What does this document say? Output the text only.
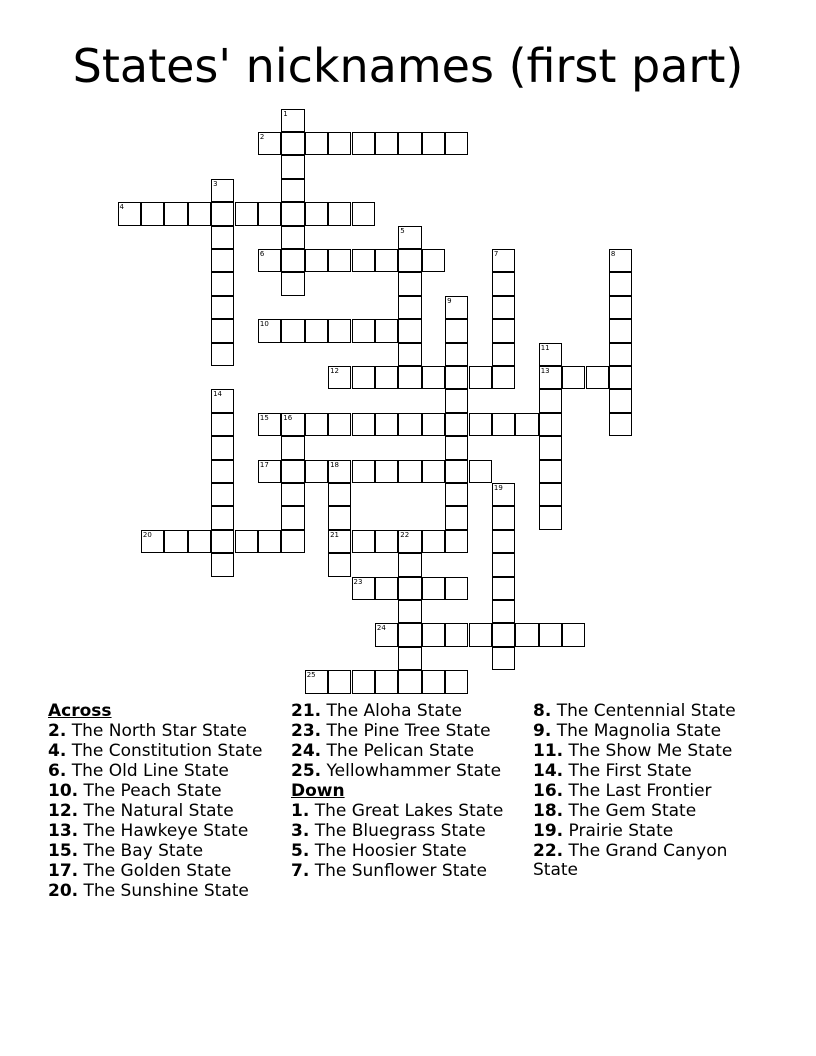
States' nicknames (first part)
1
2
3
4
5
6	7	8
9
10
11
13
12
14
15 16
17	18
21
19
20	22
23
24
25
Across
2. The North Star State
4. The Constitution State
6. The Old Line State
10. The Peach State
12. The Natural State
13. The Hawkeye State
15. The Bay State
17. The Golden State
20. The Sunshine State
21. The Aloha State
23. The Pine Tree State
24. The Pelican State
25. Yellowhammer State
Down
1. The Great Lakes State
3. The Bluegrass State
5. The Hoosier State
7. The Sunflower State
8. The Centennial State
9. The Magnolia State
11. The Show Me State
14. The First State
16. The Last Frontier
18. The Gem State
19. Prairie State
22. The Grand Canyon State
